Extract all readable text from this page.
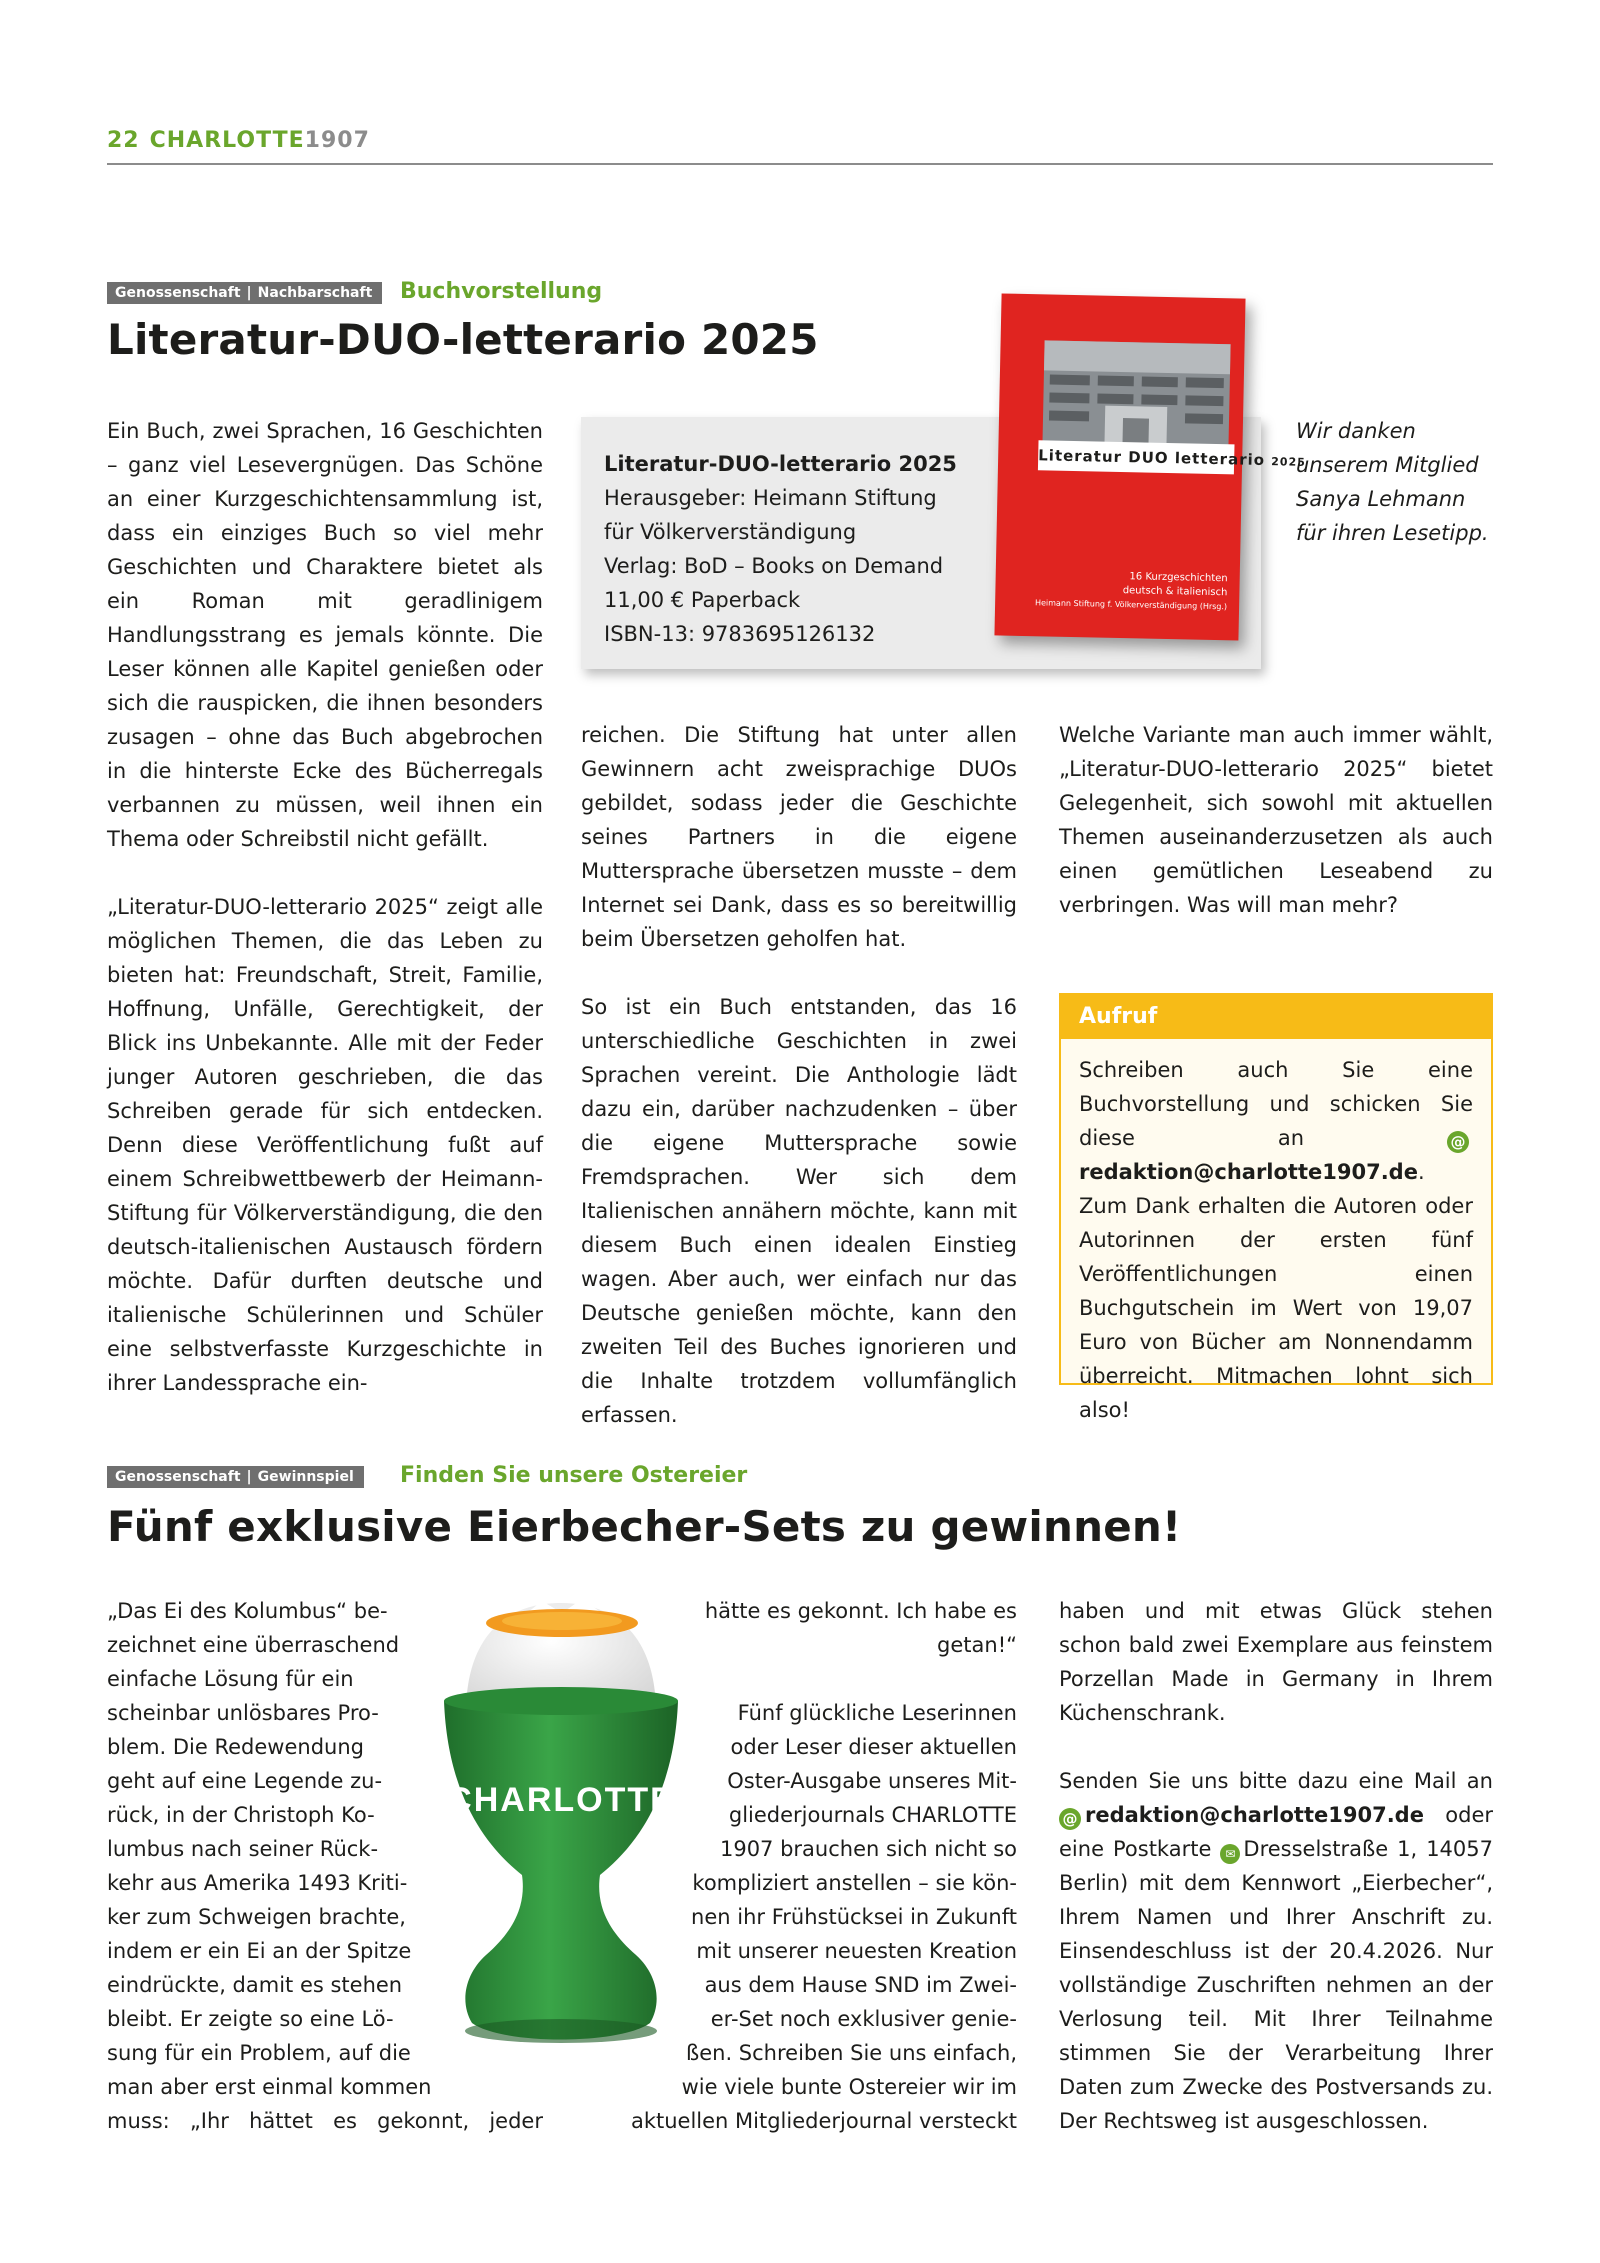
22 CHARLOTTE1907
Genossenschaft | Nachbarschaft	Buchvorstellung
Literatur-DUO-letterario 2025

Ein Buch, zwei Sprachen, 16 Geschichten – ganz viel Lesevergnügen. Das Schöne an einer Kurzgeschichtensammlung ist, dass ein einziges Buch so viel mehr Geschichten und Charaktere bietet als ein Roman mit geradlinigem Handlungsstrang es jemals könnte. Die Leser können alle Kapitel genießen oder sich die rauspicken, die ihnen besonders zusagen – ohne das Buch abgebrochen in die hinterste Ecke des Bücherregals verbannen zu müssen, weil ihnen ein Thema oder Schreibstil nicht gefällt.

„Literatur-DUO-letterario 2025“ zeigt alle möglichen Themen, die das Leben zu bieten hat: Freundschaft, Streit, Familie, Hoffnung, Unfälle, Gerechtigkeit, der Blick ins Unbekannte. Alle mit der Feder junger Autoren geschrieben, die das Schreiben gerade für sich entdecken. Denn diese Veröffentlichung fußt auf einem Schreibwettbewerb der Heimann-Stiftung für Völkerverständigung, die den deutsch-italienischen Austausch fördern möchte. Dafür durften deutsche und italienische Schülerinnen und Schüler eine selbstverfasste Kurzgeschichte in ihrer Landessprache ein-

Literatur-DUO-letterario 2025
Herausgeber: Heimann Stiftung
für Völkerverständigung
Verlag: BoD – Books on Demand
11,00 € Paperback
ISBN-13: 9783695126132
Literatur DUO letterario 2025
16 Kurzgeschichten
deutsch & italienisch
Heimann Stiftung f. Völkerverständigung (Hrsg.)
Wir danken
unserem Mitglied
Sanya Lehmann
für ihren Lesetipp.

reichen. Die Stiftung hat unter allen Gewinnern acht zweisprachige DUOs gebildet, sodass jeder die Geschichte seines Partners in die eigene Muttersprache übersetzen musste – dem Internet sei Dank, dass es so bereitwillig beim Übersetzen geholfen hat.

So ist ein Buch entstanden, das 16 unterschiedliche Geschichten in zwei Sprachen vereint. Die Anthologie lädt dazu ein, darüber nachzudenken – über die eigene Muttersprache sowie Fremdsprachen. Wer sich dem Italienischen annähern möchte, kann mit diesem Buch einen idealen Einstieg wagen. Aber auch, wer einfach nur das Deutsche genießen möchte, kann den zweiten Teil des Buches ignorieren und die Inhalte trotzdem vollumfänglich erfassen.

Welche Variante man auch immer wählt, „Literatur-DUO-letterario 2025“ bietet Gelegenheit, sich sowohl mit aktuellen Themen auseinanderzusetzen als auch einen gemütlichen Leseabend zu verbringen. Was will man mehr?

Aufruf
Schreiben auch Sie eine Buchvorstellung und schicken Sie diese an	@redaktion@charlotte1907.de. Zum Dank erhalten die Autoren oder Autorinnen der ersten fünf Veröffentlichungen einen Buchgutschein im Wert von 19,07 Euro von Bücher am Nonnendamm überreicht. Mitmachen lohnt sich also!
Genossenschaft | Gewinnspiel	Finden Sie unsere Ostereier
Fünf exklusive Eierbecher-Sets zu gewinnen!
„Das Ei des Kolumbus“ be-
zeichnet eine überraschend
einfache Lösung für ein
scheinbar unlösbares Pro-
blem. Die Redewendung
geht auf eine Legende zu-
rück, in der Christoph Ko-
lumbus nach seiner Rück-
kehr aus Amerika 1493 Kriti-
ker zum Schweigen brachte,
indem er ein Ei an der Spitze
eindrückte, damit es stehen
bleibt. Er zeigte so eine Lö-
sung für ein Problem, auf die
man aber erst einmal kommen
muss: „Ihr hättet es gekonnt, jeder
CHARLOTTE
hätte es gekonnt. Ich habe es
getan!“
Fünf glückliche Leserinnen
oder Leser dieser aktuellen
Oster-Ausgabe unseres Mit-
gliederjournals CHARLOTTE
1907 brauchen sich nicht so
kompliziert anstellen – sie kön-
nen ihr Frühstücksei in Zukunft
mit unserer neuesten Kreation
aus dem Hause SND im Zwei-
er-Set noch exklusiver genie-
ßen. Schreiben Sie uns einfach,
wie viele bunte Ostereier wir im
aktuellen Mitgliederjournal versteckt

haben und mit etwas Glück stehen schon bald zwei Exemplare aus feinstem Porzellan Made in Germany in Ihrem Küchenschrank.

Senden Sie uns bitte dazu eine Mail an @ redaktion@charlotte1907.de oder eine Postkarte ✉ Dresselstraße 1, 14057 Berlin) mit dem Kennwort „Eierbecher“, Ihrem Namen und Ihrer Anschrift zu. Einsendeschluss ist der 20.4.2026. Nur vollständige Zuschriften nehmen an der Verlosung teil. Mit Ihrer Teilnahme stimmen Sie der Verarbeitung Ihrer Daten zum Zwecke des Postversands zu. Der Rechtsweg ist ausgeschlossen.
